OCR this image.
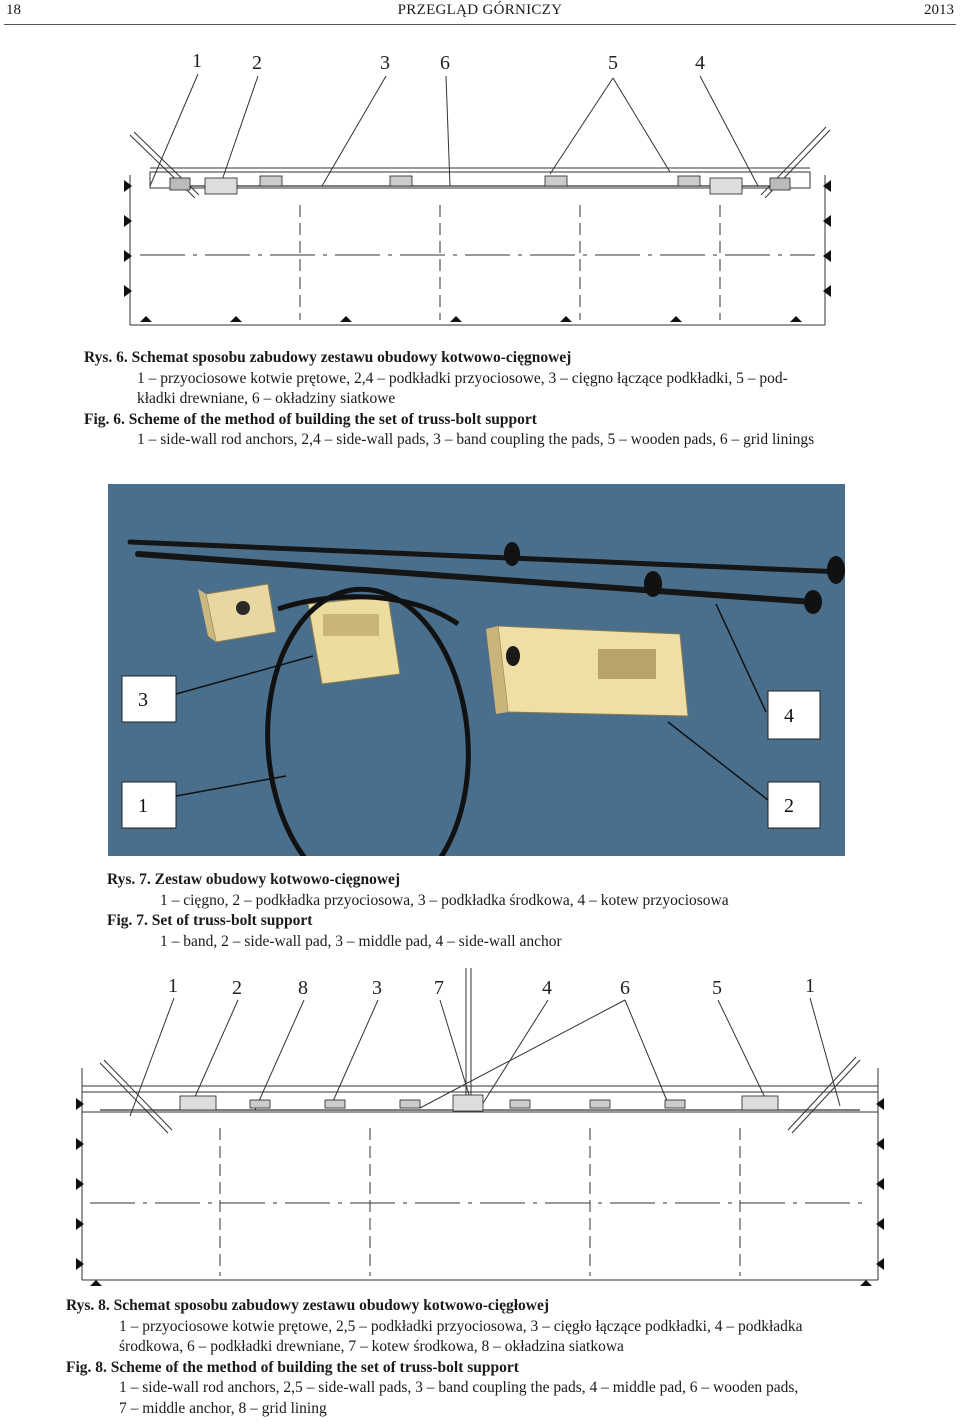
18	PRZEGLĄD GÓRNICZY	2013
1	2	3	6	5	4
Rys. 6. Schemat sposobu zabudowy zestawu obudowy kotwowo-cięgnowej
1 – przyociosowe kotwie prętowe, 2,4 – podkładki przyociosowe, 3 – cięgno łączące podkładki, 5 – pod-
kładki drewniane, 6 – okładziny siatkowe
Fig. 6. Scheme of the method of building the set of truss-bolt support
1 – side-wall rod anchors, 2,4 – side-wall pads, 3 – band coupling the pads, 5 – wooden pads, 6 – grid linings
3
4
1	2
Rys. 7. Zestaw obudowy kotwowo-cięgnowej
1 – cięgno, 2 – podkładka przyociosowa, 3 – podkładka środkowa, 4 – kotew przyociosowa
Fig. 7. Set of truss-bolt support
1 – band, 2 – side-wall pad, 3 – middle pad, 4 – side-wall anchor
1	2	8	3	7	4	6	5	1
Rys. 8. Schemat sposobu zabudowy zestawu obudowy kotwowo-cięgłowej
1 – przyociosowe kotwie prętowe, 2,5 – podkładki przyociosowa, 3 – cięgło łączące podkładki, 4 – podkładka
środkowa, 6 – podkładki drewniane, 7 – kotew środkowa, 8 – okładzina siatkowa
Fig. 8. Scheme of the method of building the set of truss-bolt support
1 – side-wall rod anchors, 2,5 – side-wall pads, 3 – band coupling the pads, 4 – middle pad, 6 – wooden pads,
7 – middle anchor, 8 – grid lining
